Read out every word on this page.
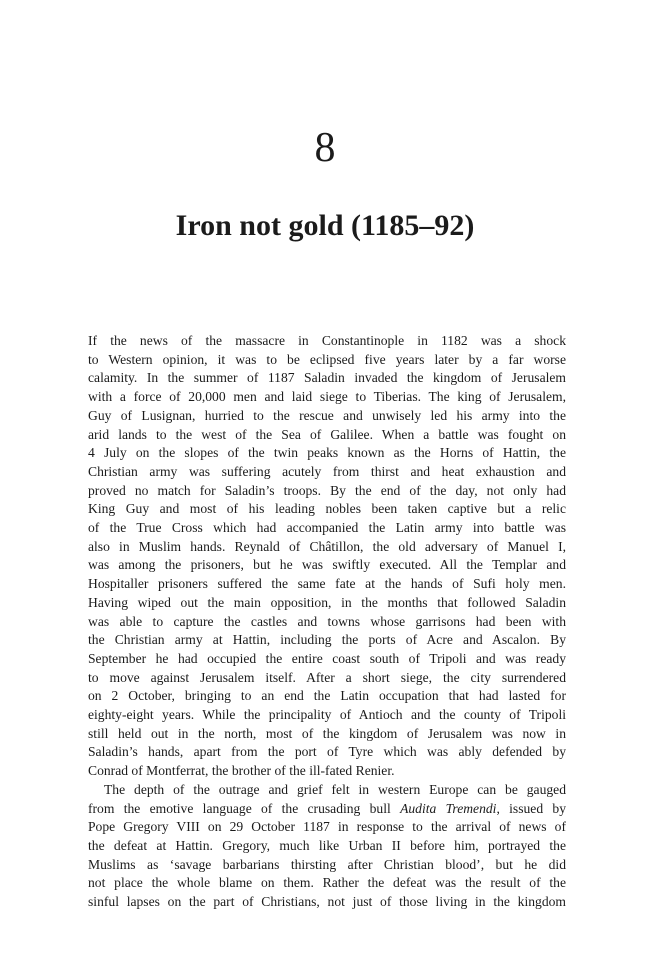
8
Iron not gold (1185–92)
If the news of the massacre in Constantinople in 1182 was a shock
to Western opinion, it was to be eclipsed five years later by a far worse
calamity. In the summer of 1187 Saladin invaded the kingdom of Jerusalem
with a force of 20,000 men and laid siege to Tiberias. The king of Jerusalem,
Guy of Lusignan, hurried to the rescue and unwisely led his army into the
arid lands to the west of the Sea of Galilee. When a battle was fought on
4 July on the slopes of the twin peaks known as the Horns of Hattin, the
Christian army was suffering acutely from thirst and heat exhaustion and
proved no match for Saladin’s troops. By the end of the day, not only had
King Guy and most of his leading nobles been taken captive but a relic
of the True Cross which had accompanied the Latin army into battle was
also in Muslim hands. Reynald of Châtillon, the old adversary of Manuel I,
was among the prisoners, but he was swiftly executed. All the Templar and
Hospitaller prisoners suffered the same fate at the hands of Sufi holy men.
Having wiped out the main opposition, in the months that followed Saladin
was able to capture the castles and towns whose garrisons had been with
the Christian army at Hattin, including the ports of Acre and Ascalon. By
September he had occupied the entire coast south of Tripoli and was ready
to move against Jerusalem itself. After a short siege, the city surrendered
on 2 October, bringing to an end the Latin occupation that had lasted for
eighty-eight years. While the principality of Antioch and the county of Tripoli
still held out in the north, most of the kingdom of Jerusalem was now in
Saladin’s hands, apart from the port of Tyre which was ably defended by
Conrad of Montferrat, the brother of the ill-fated Renier.
The depth of the outrage and grief felt in western Europe can be gauged
from the emotive language of the crusading bull Audita Tremendi, issued by
Pope Gregory VIII on 29 October 1187 in response to the arrival of news of
the defeat at Hattin. Gregory, much like Urban II before him, portrayed the
Muslims as ‘savage barbarians thirsting after Christian blood’, but he did
not place the whole blame on them. Rather the defeat was the result of the
sinful lapses on the part of Christians, not just of those living in the kingdom
